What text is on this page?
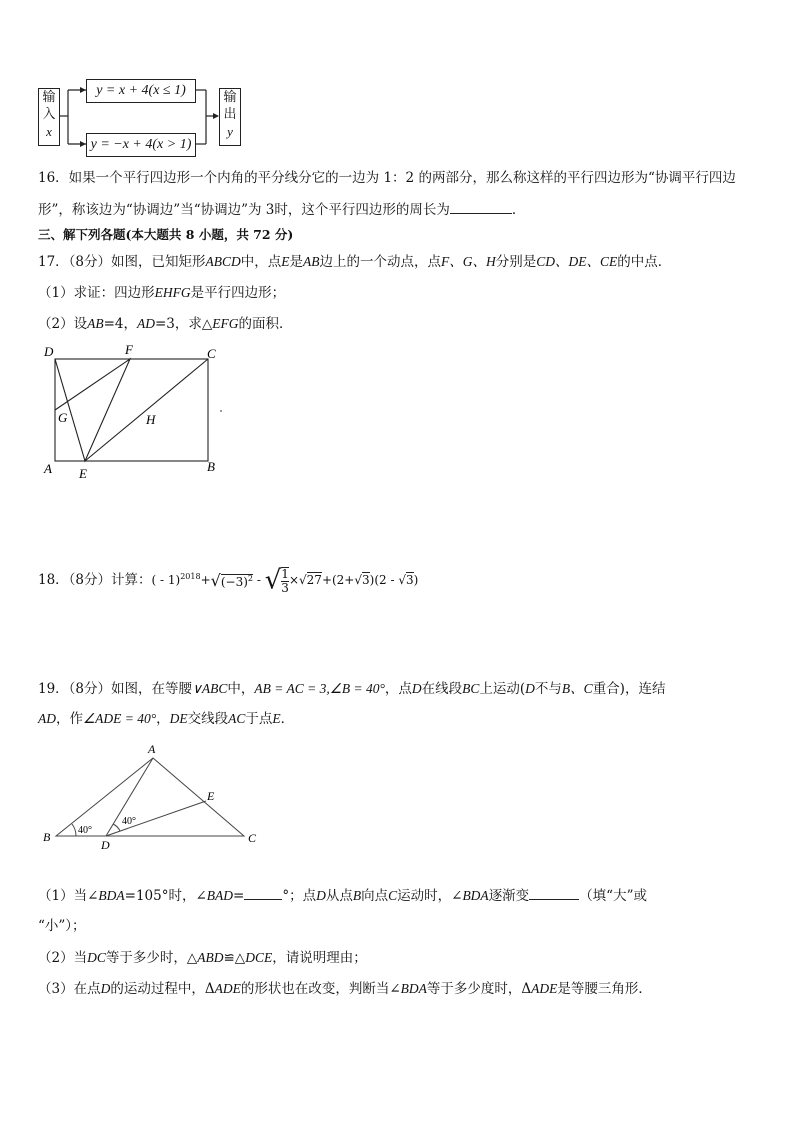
输
入
x
y = x + 4(x ≤ 1)
y = −x + 4(x > 1)
输
出
y
16．如果一个平行四边形一个内角的平分线分它的一边为 1：2 的两部分，那么称这样的平行四边形为“协调平行四边
形”，称该边为“协调边”当“协调边”为 3时，这个平行四边形的周长为	．
三、解下列各题(本大题共 8 小题，共 72 分)
17．（8分）如图，已知矩形ABCD中，点E是AB边上的一个动点，点F、G、H分别是CD、DE、CE的中点．
（1）求证：四边形EHFG是平行四边形；
（2）设AB=4，AD=3，求△EFG的面积．
D	F	C
G	H
A E	B
18．（8分）计算：( - $1)^{2018}+√(-3)^2$ - √ $\frac{1}{3} \times√27+(2+√3)(2 - √3)$
19．（8分）如图，在等腰∨ABC中，AB = AC = 3,∠B = 40°，点D在线段BC上运动(D不与B、C重合)，连结
AD，作∠ADE = 40°，DE交线段AC于点E．
A
B	C
D
E
40°
40°
（1）当∠BDA=105°时，∠BAD=	°；点D从点B向点C运动时，∠BDA逐渐变	（填“大”或
“小”）；
（2）当DC等于多少时，△ABD≌△DCE，请说明理由；
（3）在点D的运动过程中，ΔADE的形状也在改变，判断当∠BDA等于多少度时，ΔADE是等腰三角形．
